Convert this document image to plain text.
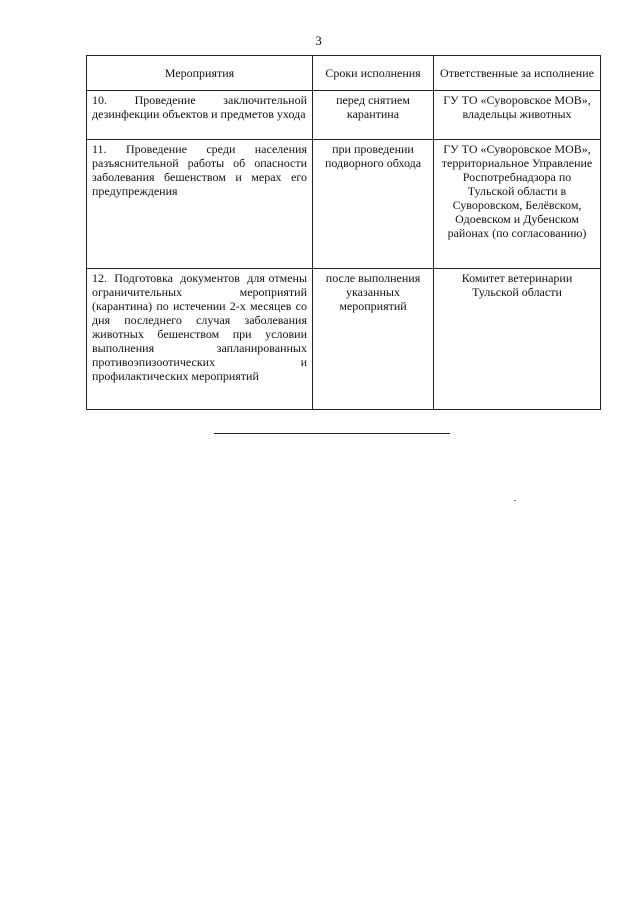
3
Мероприятия	Сроки исполнения	Ответственные за исполнение
10.   Проведение   заключительной дезинфекции объектов и предметов ухода	перед снятием карантина	ГУ ТО «Суворовское МОВ», владельцы животных
11.  Проведение  среди  населения разъяснительной работы об опасности заболевания бешенством и мерах его предупреждения	при проведении подворного обхода	ГУ ТО «Суворовское МОВ», территориальное Управление Роспотребнадзора по Тульской области в Суворовском, Белёвском, Одоевском и Дубенском районах (по согласованию)
12.  Подготовка  документов  для отмены ограничительных мероприятий (карантина) по истечении 2-х месяцев со дня последнего случая заболевания животных бешенством при условии выполнения запланированных противоэпизоотических и профилактических мероприятий	после выполнения указанных мероприятий	Комитет ветеринарии Тульской области
